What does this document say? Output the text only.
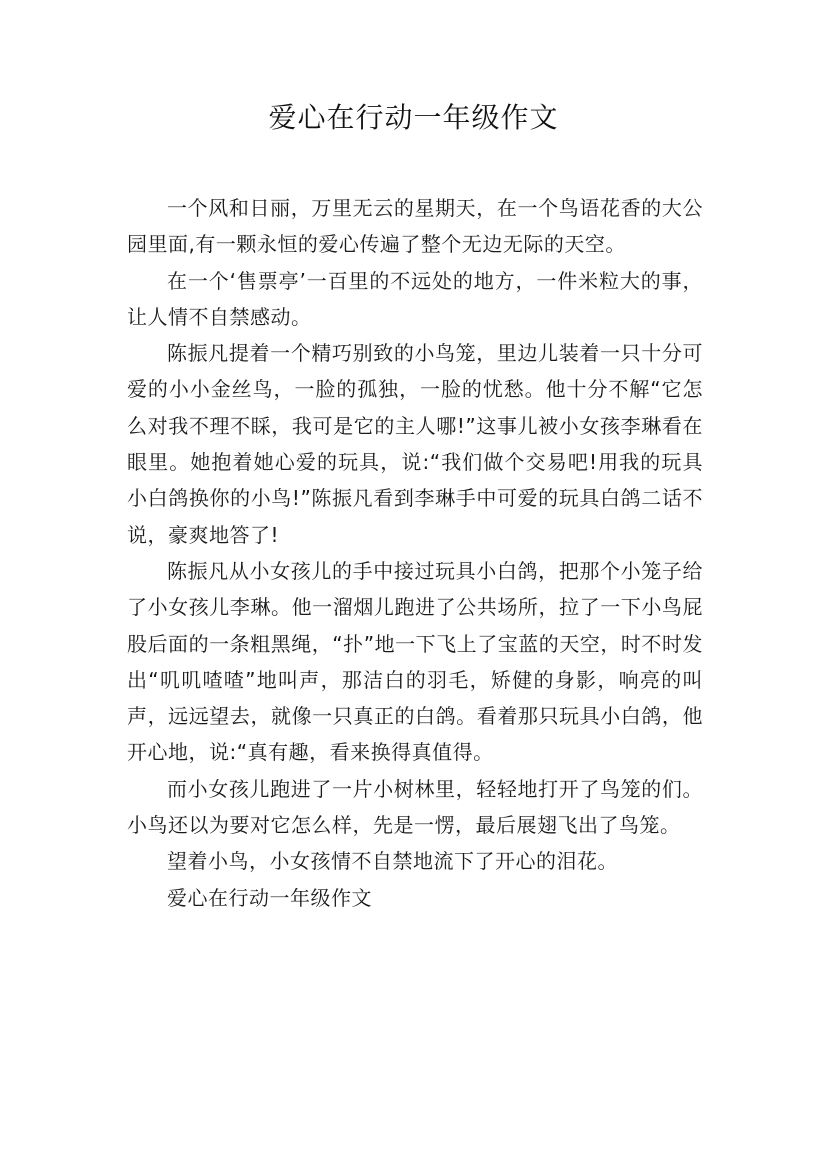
爱心在行动一年级作文

一个风和日丽，万里无云的星期天，在一个鸟语花香的大公园里面,有一颗永恒的爱心传遍了整个无边无际的天空。

在一个‘售票亭’一百里的不远处的地方，一件米粒大的事，让人情不自禁感动。

陈振凡提着一个精巧别致的小鸟笼，里边儿装着一只十分可爱的小小金丝鸟，一脸的孤独，一脸的忧愁。他十分不解“它怎么对我不理不睬，我可是它的主人哪!”这事儿被小女孩李琳看在眼里。她抱着她心爱的玩具，说:“我们做个交易吧!用我的玩具小白鸽换你的小鸟!”陈振凡看到李琳手中可爱的玩具白鸽二话不说，豪爽地答了!

陈振凡从小女孩儿的手中接过玩具小白鸽，把那个小笼子给了小女孩儿李琳。他一溜烟儿跑进了公共场所，拉了一下小鸟屁股后面的一条粗黑绳，“扑”地一下飞上了宝蓝的天空，时不时发出“叽叽喳喳”地叫声，那洁白的羽毛，矫健的身影，响亮的叫声，远远望去，就像一只真正的白鸽。看着那只玩具小白鸽，他开心地，说:“真有趣，看来换得真值得。

而小女孩儿跑进了一片小树林里，轻轻地打开了鸟笼的们。小鸟还以为要对它怎么样，先是一愣，最后展翅飞出了鸟笼。

望着小鸟，小女孩情不自禁地流下了开心的泪花。

爱心在行动一年级作文
